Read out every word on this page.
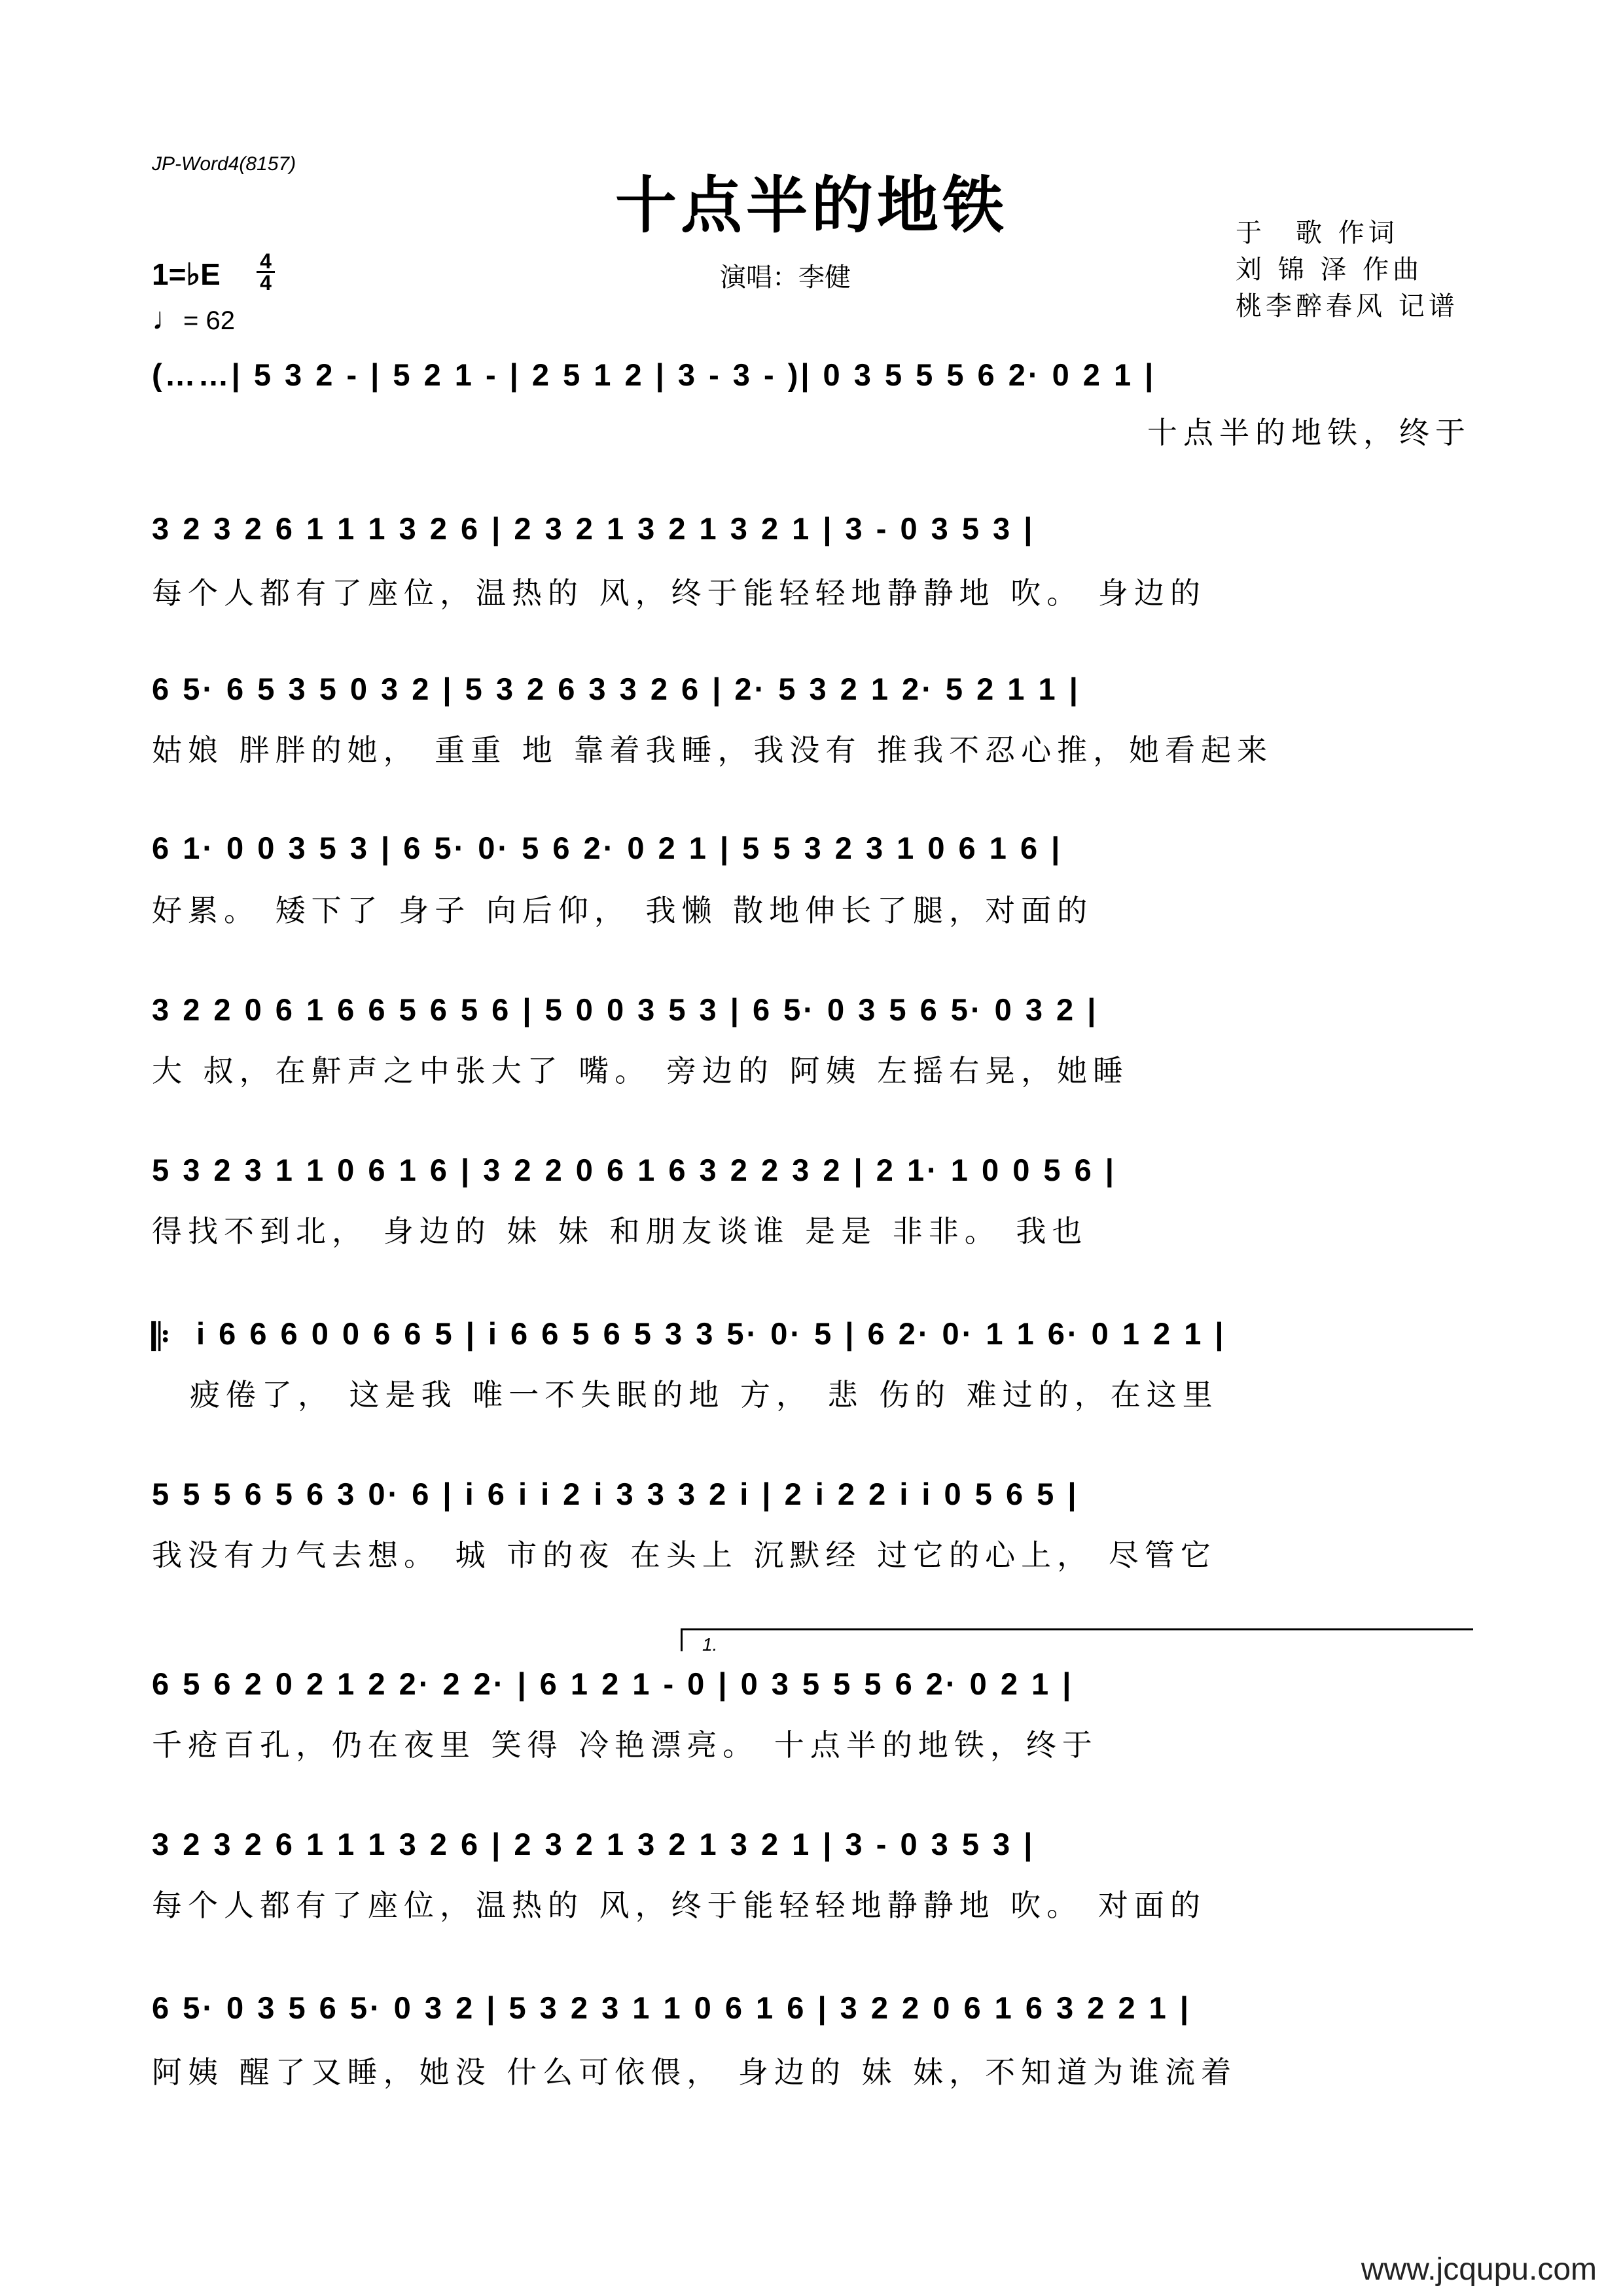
JP-Word4(8157)
十点半的地铁	于　歌 作词
刘 锦 泽 作曲
桃李醉春风 记谱
1=♭E 4
4
♩= 62
演唱：李健
(……| 5 3 2 - | 5 2 1 - | 2 5 1 2 | 3 - 3 - )| 0 3 5 5 5 6 2· 0 2 1 |
十点半的地铁，终于
3 2 3 2 6 1 1 1 3 2 6 | 2 3 2 1 3 2 1 3 2 1 | 3 - 0 3 5 3 |
每个人都有了座位，温热的 风，终于能轻轻地静静地 吹。 身边的
6 5· 6 5 3 5 0 3 2 | 5 3 2 6 3 3 2 6 | 2· 5 3 2 1 2· 5 2 1 1 |
姑娘 胖胖的她， 重重 地 靠着我睡，我没有 推我不忍心推，她看起来
6 1· 0 0 3 5 3 | 6 5· 0· 5 6 2· 0 2 1 | 5 5 3 2 3 1 0 6 1 6 |
好累。 矮下了 身子 向后仰， 我懒 散地伸长了腿，对面的
3 2 2 0 6 1 6 6 5 6 5 6 | 5 0 0 3 5 3 | 6 5· 0 3 5 6 5· 0 3 2 |
大 叔，在鼾声之中张大了 嘴。 旁边的 阿姨 左摇右晃，她睡
5 3 2 3 1 1 0 6 1 6 | 3 2 2 0 6 1 6 3 2 2 3 2 | 2 1· 1 0 0 5 6 |
得找不到北， 身边的 妹 妹 和朋友谈谁 是是 非非。 我也
𝄆 i 6 6 6 0 0 6 6 5 | i 6 6 5 6 5 3 3 5· 0· 5 | 6 2· 0· 1 1 6· 0 1 2 1 |
疲倦了， 这是我 唯一不失眠的地 方， 悲 伤的 难过的，在这里
5 5 5 6 5 6 3 0· 6 | i 6 i i 2 i 3 3 3 2 i | 2 i 2 2 i i 0 5 6 5 |
我没有力气去想。 城 市的夜 在头上 沉默经 过它的心上， 尽管它
1.
6 5 6 2 0 2 1 2 2· 2 2· | 6 1 2 1 - 0 | 0 3 5 5 5 6 2· 0 2 1 |
千疮百孔，仍在夜里 笑得 冷艳漂亮。 十点半的地铁，终于
3 2 3 2 6 1 1 1 3 2 6 | 2 3 2 1 3 2 1 3 2 1 | 3 - 0 3 5 3 |
每个人都有了座位，温热的 风，终于能轻轻地静静地 吹。 对面的
6 5· 0 3 5 6 5· 0 3 2 | 5 3 2 3 1 1 0 6 1 6 | 3 2 2 0 6 1 6 3 2 2 1 |
阿姨 醒了又睡，她没 什么可依偎， 身边的 妹 妹，不知道为谁流着
www.jcqupu.com
